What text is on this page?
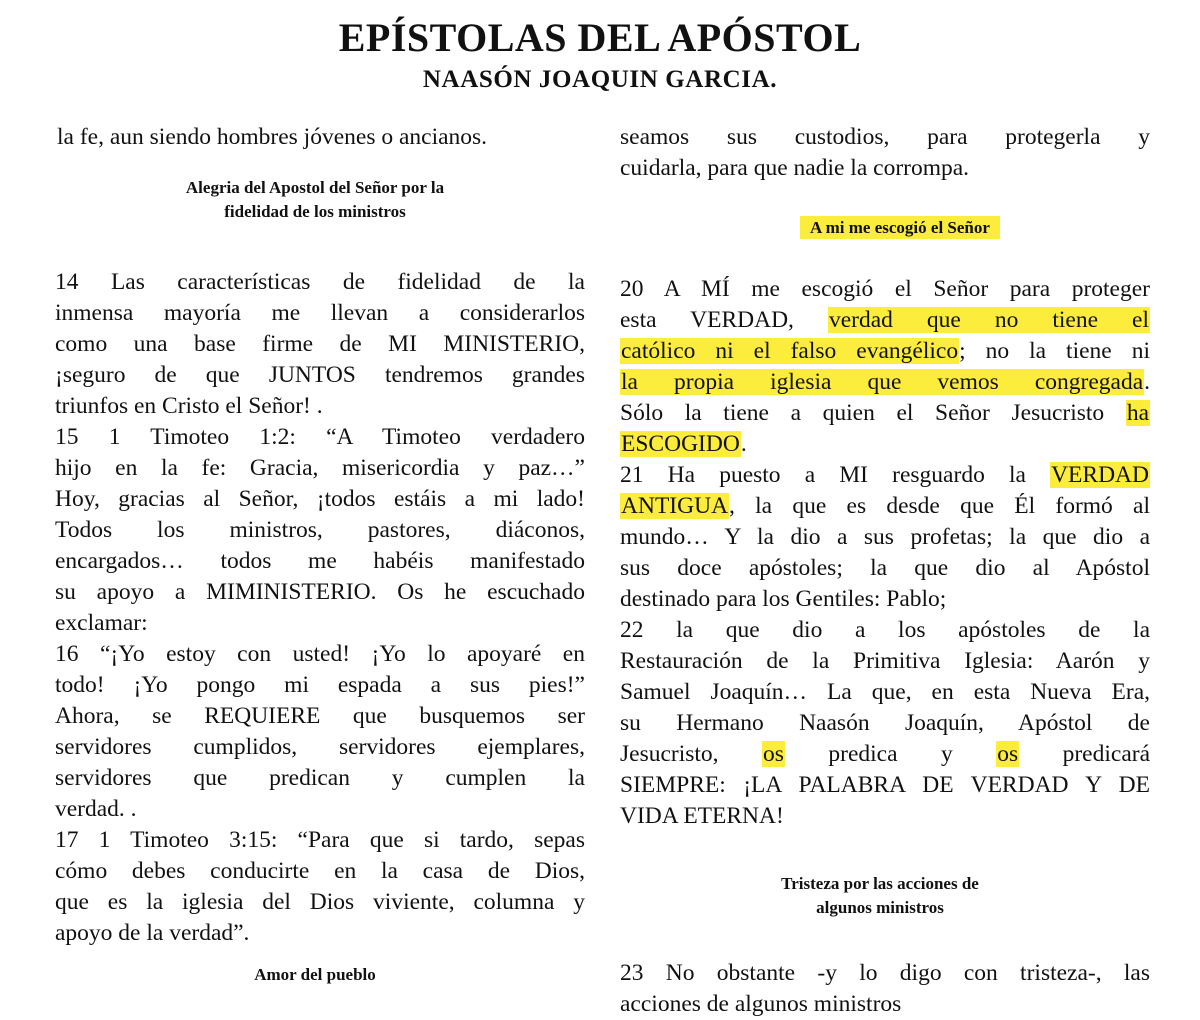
EPÍSTOLAS DEL APÓSTOL
NAASÓN JOAQUIN GARCIA.
la fe, aun siendo hombres jóvenes o ancianos.
Alegria del Apostol del Señor por la
fidelidad de los ministros
14 Las características de fidelidad de la
inmensa mayoría me llevan a considerarlos
como una base firme de MI MINISTERIO,
¡seguro de que JUNTOS tendremos grandes
triunfos en Cristo el Señor! .
15 1 Timoteo 1:2: “A Timoteo verdadero
hijo en la fe: Gracia, misericordia y paz…”
Hoy, gracias al Señor, ¡todos estáis a mi lado!
Todos los ministros, pastores, diáconos,
encargados… todos me habéis manifestado
su apoyo a MIMINISTERIO. Os he escuchado
exclamar:
16 “¡Yo estoy con usted! ¡Yo lo apoyaré en
todo! ¡Yo pongo mi espada a sus pies!”
Ahora, se REQUIERE que busquemos ser
servidores cumplidos, servidores ejemplares,
servidores que predican y cumplen la
verdad. .
17 1 Timoteo 3:15: “Para que si tardo, sepas
cómo debes conducirte en la casa de Dios,
que es la iglesia del Dios viviente, columna y
apoyo de la verdad”.
Amor del pueblo
seamos sus custodios, para protegerla y
cuidarla, para que nadie la corrompa.
A mi me escogió el Señor
20 A MÍ me escogió el Señor para proteger
esta VERDAD, verdad que no tiene el
católico ni el falso evangélico; no la tiene ni
la propia iglesia que vemos congregada.
Sólo la tiene a quien el Señor Jesucristo ha
ESCOGIDO.
21 Ha puesto a MI resguardo la VERDAD
ANTIGUA, la que es desde que Él formó al
mundo… Y la dio a sus profetas; la que dio a
sus doce apóstoles; la que dio al Apóstol
destinado para los Gentiles: Pablo;
22 la que dio a los apóstoles de la
Restauración de la Primitiva Iglesia: Aarón y
Samuel Joaquín… La que, en esta Nueva Era,
su Hermano Naasón Joaquín, Apóstol de
Jesucristo, os predica y os predicará
SIEMPRE: ¡LA PALABRA DE VERDAD Y DE
VIDA ETERNA!
Tristeza por las acciones de
algunos ministros
23 No obstante -y lo digo con tristeza-, las
acciones de algunos ministros
